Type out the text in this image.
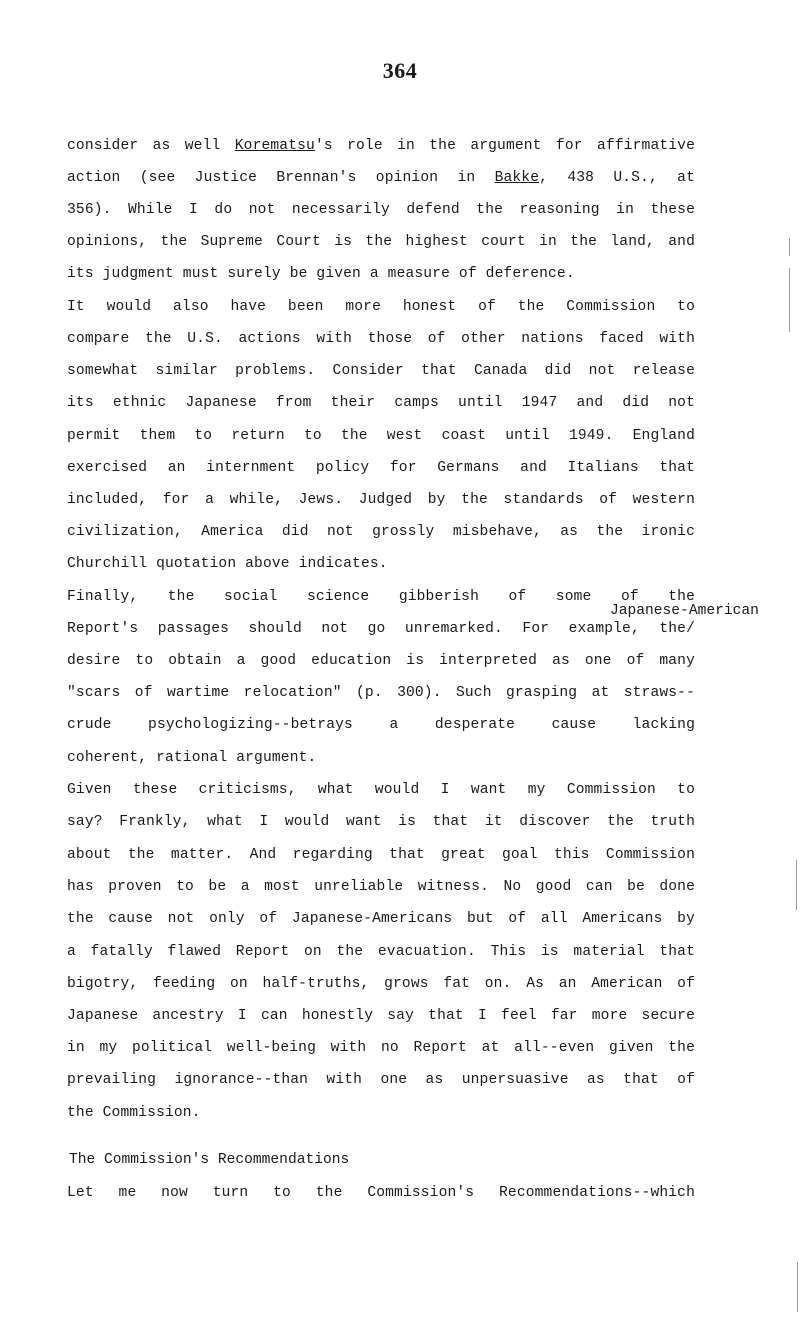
364
consider as well Korematsu's role in the argument for affirmative
action (see Justice Brennan's opinion in Bakke, 438 U.S., at
356). While I do not necessarily defend the reasoning in these
opinions, the Supreme Court is the highest court in the land, and
its judgment must surely be given a measure of deference.
It would also have been more honest of the Commission to
compare the U.S. actions with those of other nations faced with
somewhat similar problems. Consider that Canada did not release
its ethnic Japanese from their camps until 1947 and did not
permit them to return to the west coast until 1949. England
exercised an internment policy for Germans and Italians that
included, for a while, Jews. Judged by the standards of western
civilization, America did not grossly misbehave, as the ironic
Churchill quotation above indicates.
Finally, the social science gibberish of some of the
Japanese-American
Report's passages should not go unremarked. For example, the/
desire to obtain a good education is interpreted as one of many
"scars of wartime relocation" (p. 300). Such grasping at straws--
crude psychologizing--betrays a desperate cause lacking
coherent, rational argument.
Given these criticisms, what would I want my Commission to
say? Frankly, what I would want is that it discover the truth
about the matter. And regarding that great goal this Commission
has proven to be a most unreliable witness. No good can be done
the cause not only of Japanese-Americans but of all Americans by
a fatally flawed Report on the evacuation. This is material that
bigotry, feeding on half-truths, grows fat on. As an American of
Japanese ancestry I can honestly say that I feel far more secure
in my political well-being with no Report at all--even given the
prevailing ignorance--than with one as unpersuasive as that of
the Commission.
The Commission's Recommendations
Let me now turn to the Commission's Recommendations--which
